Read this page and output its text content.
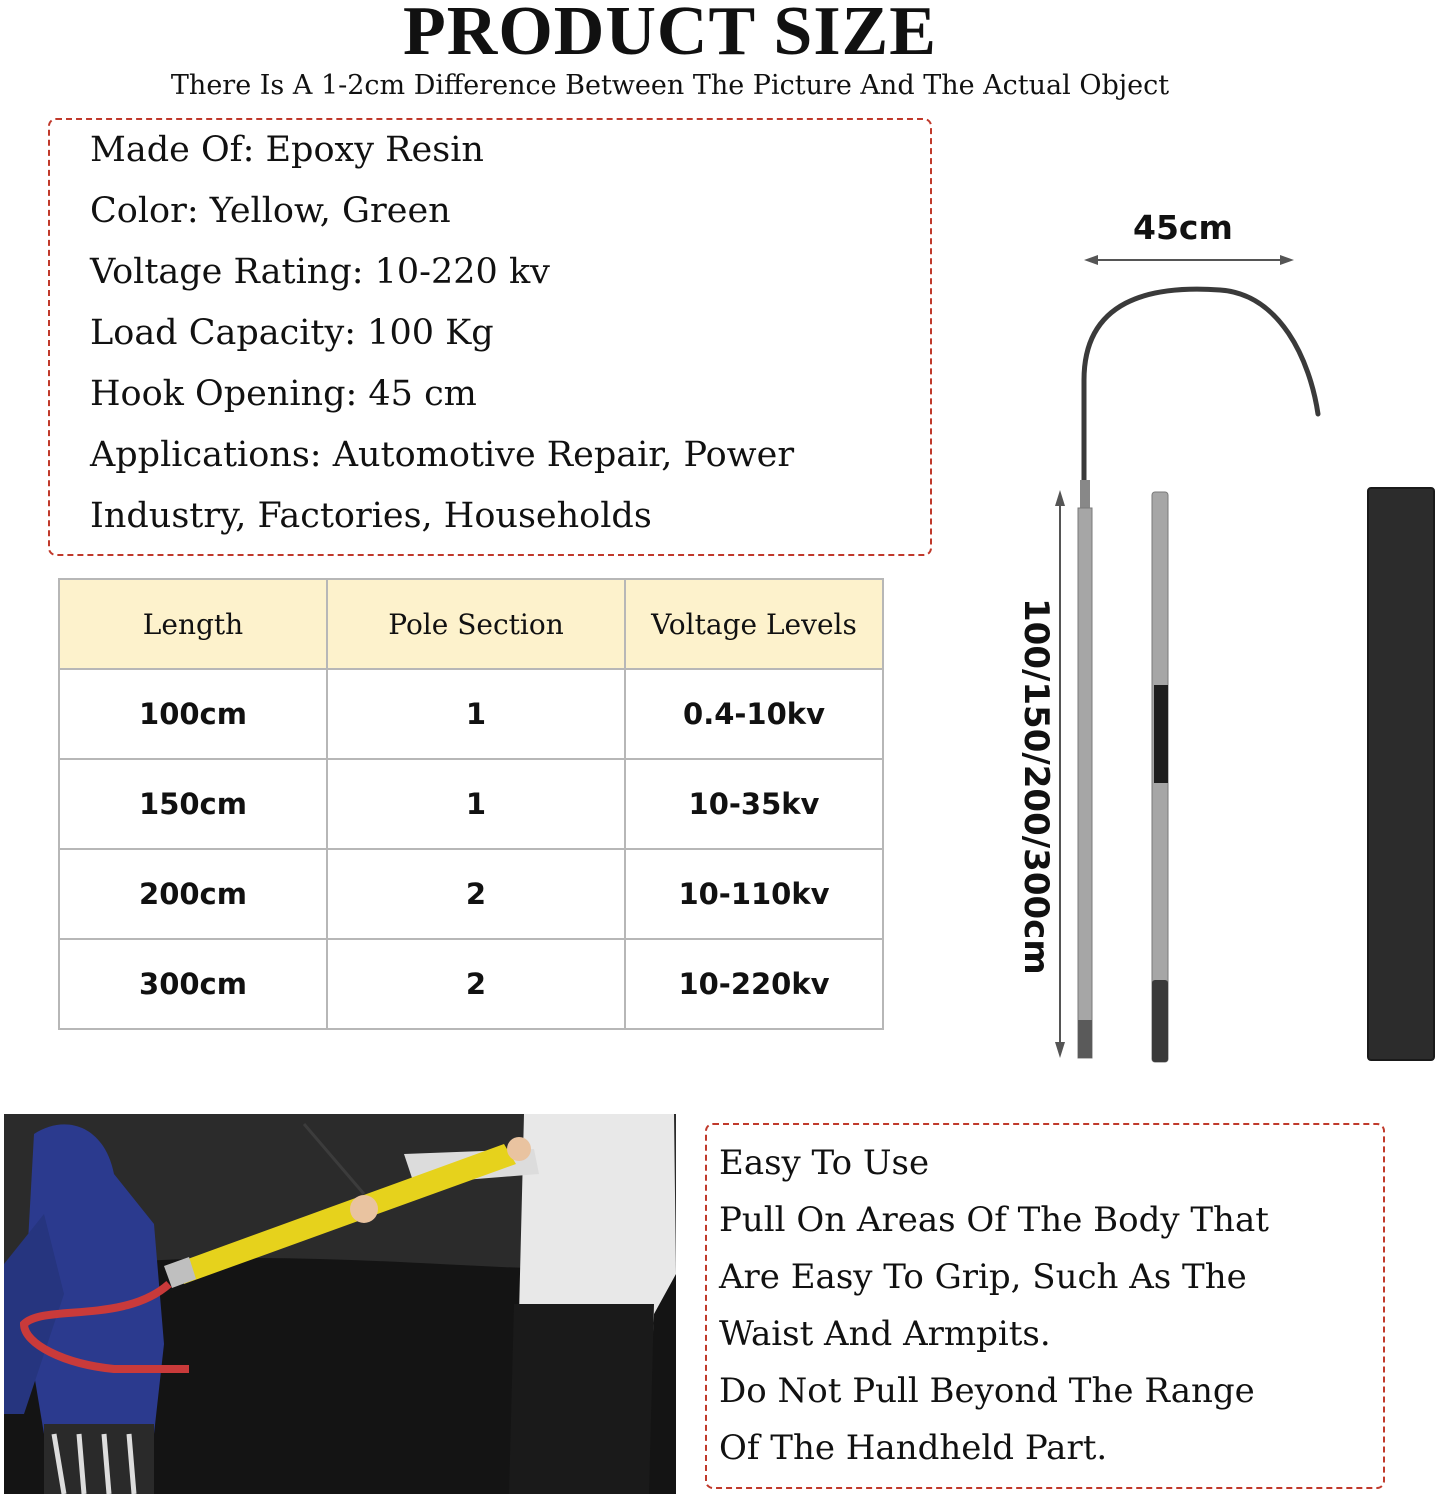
PRODUCT SIZE
There Is A 1-2cm Difference Between The Picture And The Actual Object
Made Of: Epoxy Resin
Color: Yellow, Green
Voltage Rating: 10-220 kv
Load Capacity: 100 Kg
Hook Opening: 45 cm
Applications: Automotive Repair, Power
Industry, Factories, Households
Length	Pole Section	Voltage Levels
100cm	1	0.4-10kv
150cm	1	10-35kv
200cm	2	10-110kv
300cm	2	10-220kv
45cm
100/150/200/300cm
Easy To Use
Pull On Areas Of The Body That
Are Easy To Grip, Such As The
Waist And Armpits.
Do Not Pull Beyond The Range
Of The Handheld Part.
